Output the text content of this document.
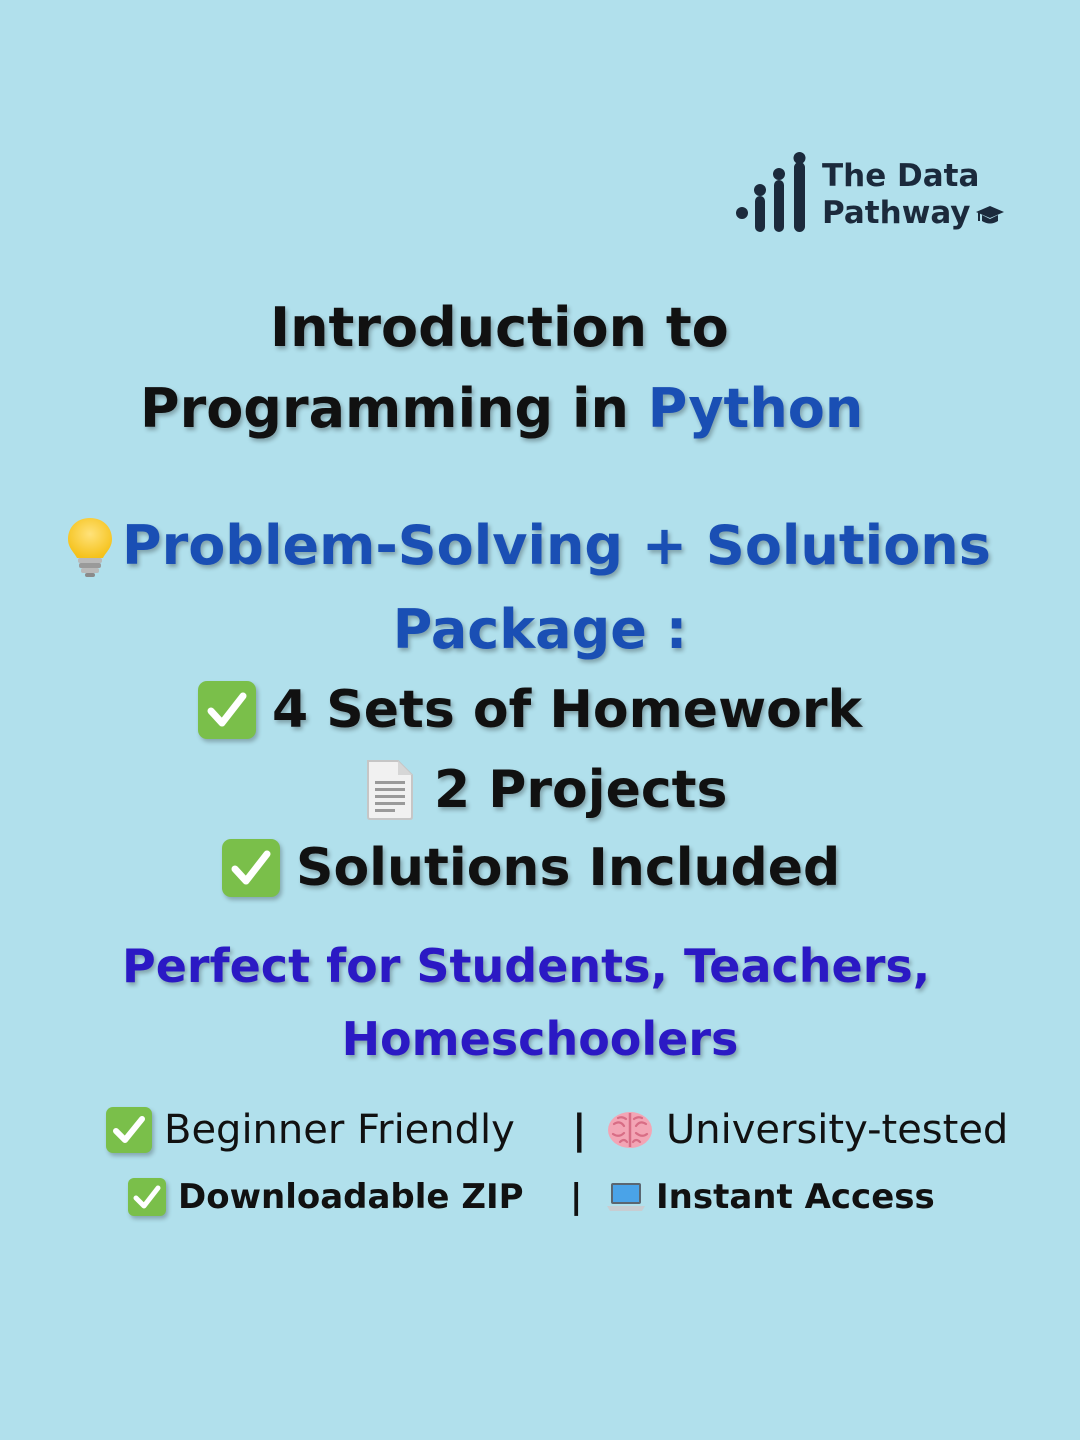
The Data
Pathway
Introduction to
Programming in Python
Problem-Solving + Solutions
Package :
4 Sets of Homework
2 Projects
Solutions Included
Perfect for Students, Teachers,
Homeschoolers
Beginner Friendly | University-tested
Downloadable ZIP | Instant Access
